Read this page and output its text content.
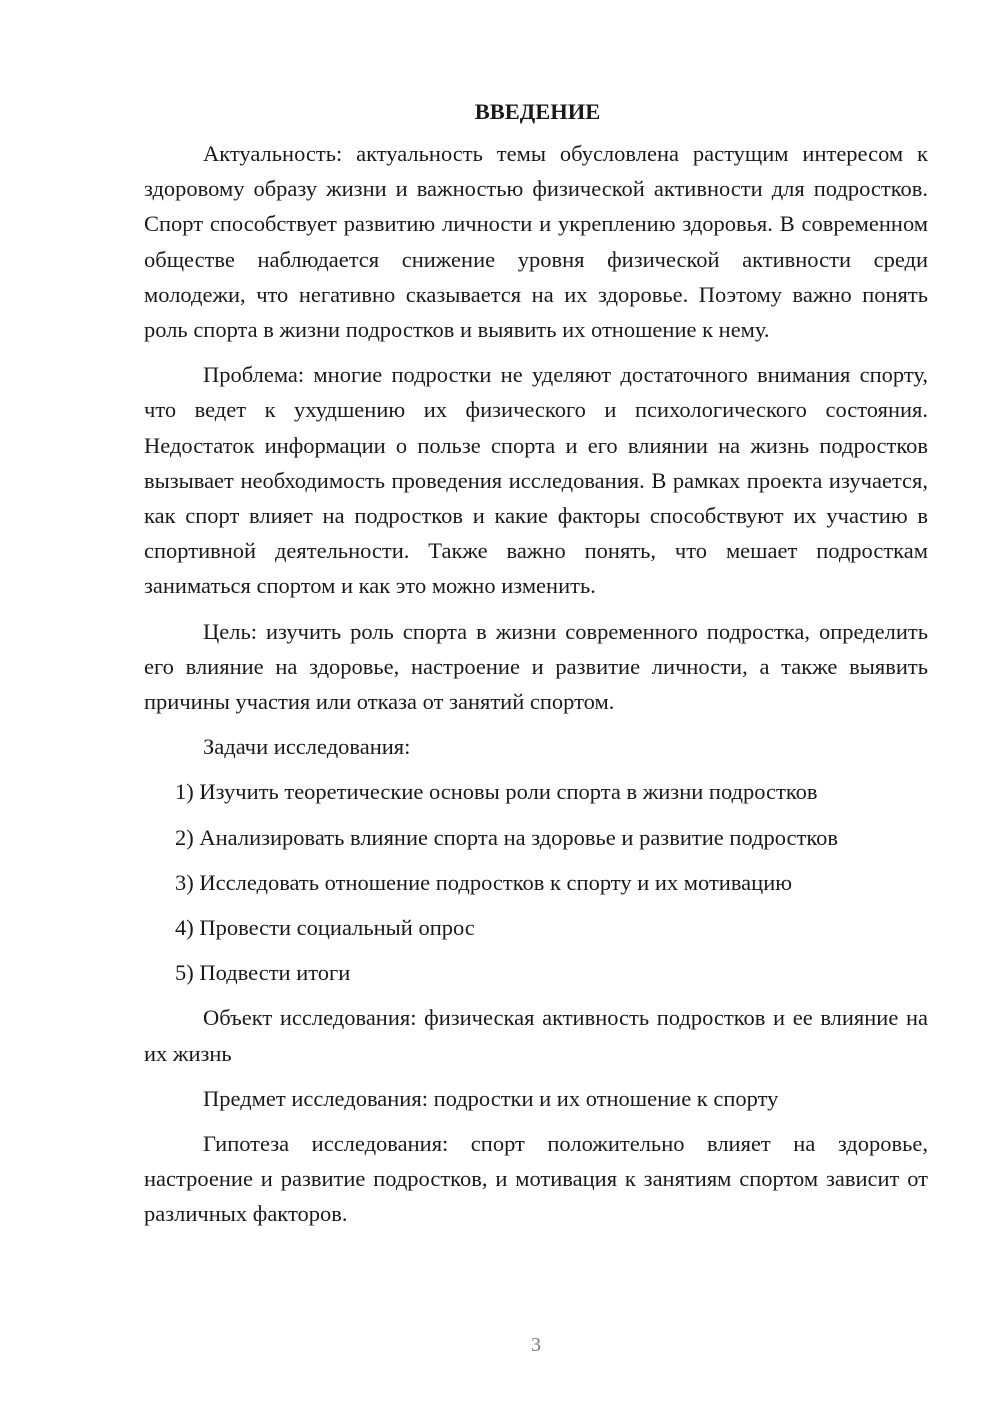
ВВЕДЕНИЕ

Актуальность: актуальность темы обусловлена растущим интересом к здоровому образу жизни и важностью физической активности для подростков. Спорт способствует развитию личности и укреплению здоровья. В современном обществе наблюдается снижение уровня физической активности среди молодежи, что негативно сказывается на их здоровье. Поэтому важно понять роль спорта в жизни подростков и выявить их отношение к нему.

Проблема: многие подростки не уделяют достаточного внимания спорту, что ведет к ухудшению их физического и психологического состояния. Недостаток информации о пользе спорта и его влиянии на жизнь подростков вызывает необходимость проведения исследования. В рамках проекта изучается, как спорт влияет на подростков и какие факторы способствуют их участию в спортивной деятельности. Также важно понять, что мешает подросткам заниматься спортом и как это можно изменить.

Цель: изучить роль спорта в жизни современного подростка, определить его влияние на здоровье, настроение и развитие личности, а также выявить причины участия или отказа от занятий спортом.

Задачи исследования:

1) Изучить теоретические основы роли спорта в жизни подростков
2) Анализировать влияние спорта на здоровье и развитие подростков
3) Исследовать отношение подростков к спорту и их мотивацию
4) Провести социальный опрос
5) Подвести итоги

Объект исследования: физическая активность подростков и ее влияние на их жизнь

Предмет исследования: подростки и их отношение к спорту

Гипотеза исследования: спорт положительно влияет на здоровье, настроение и развитие подростков, и мотивация к занятиям спортом зависит от различных факторов.

3
